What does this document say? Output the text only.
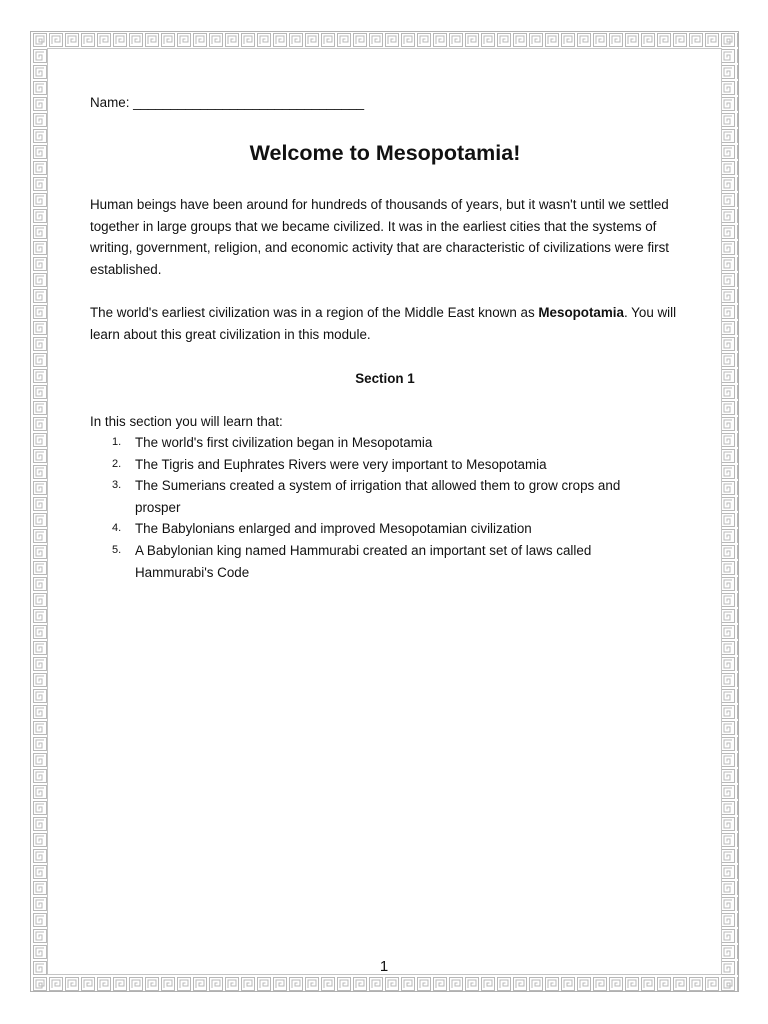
Name: _______________________________
Welcome to Mesopotamia!

Human beings have been around for hundreds of thousands of years, but it wasn't until we settled together in large groups that we became civilized. It was in the earliest cities that the systems of writing, government, religion, and economic activity that are characteristic of civilizations were first established.

The world's earliest civilization was in a region of the Middle East known as Mesopotamia. You will learn about this great civilization in this module.

Section 1
In this section you will learn that:
1. The world's first civilization began in Mesopotamia
2. The Tigris and Euphrates Rivers were very important to Mesopotamia
3. The Sumerians created a system of irrigation that allowed them to grow crops and prosper
4. The Babylonians enlarged and improved Mesopotamian civilization
5. A Babylonian king named Hammurabi created an important set of laws called Hammurabi's Code
1
